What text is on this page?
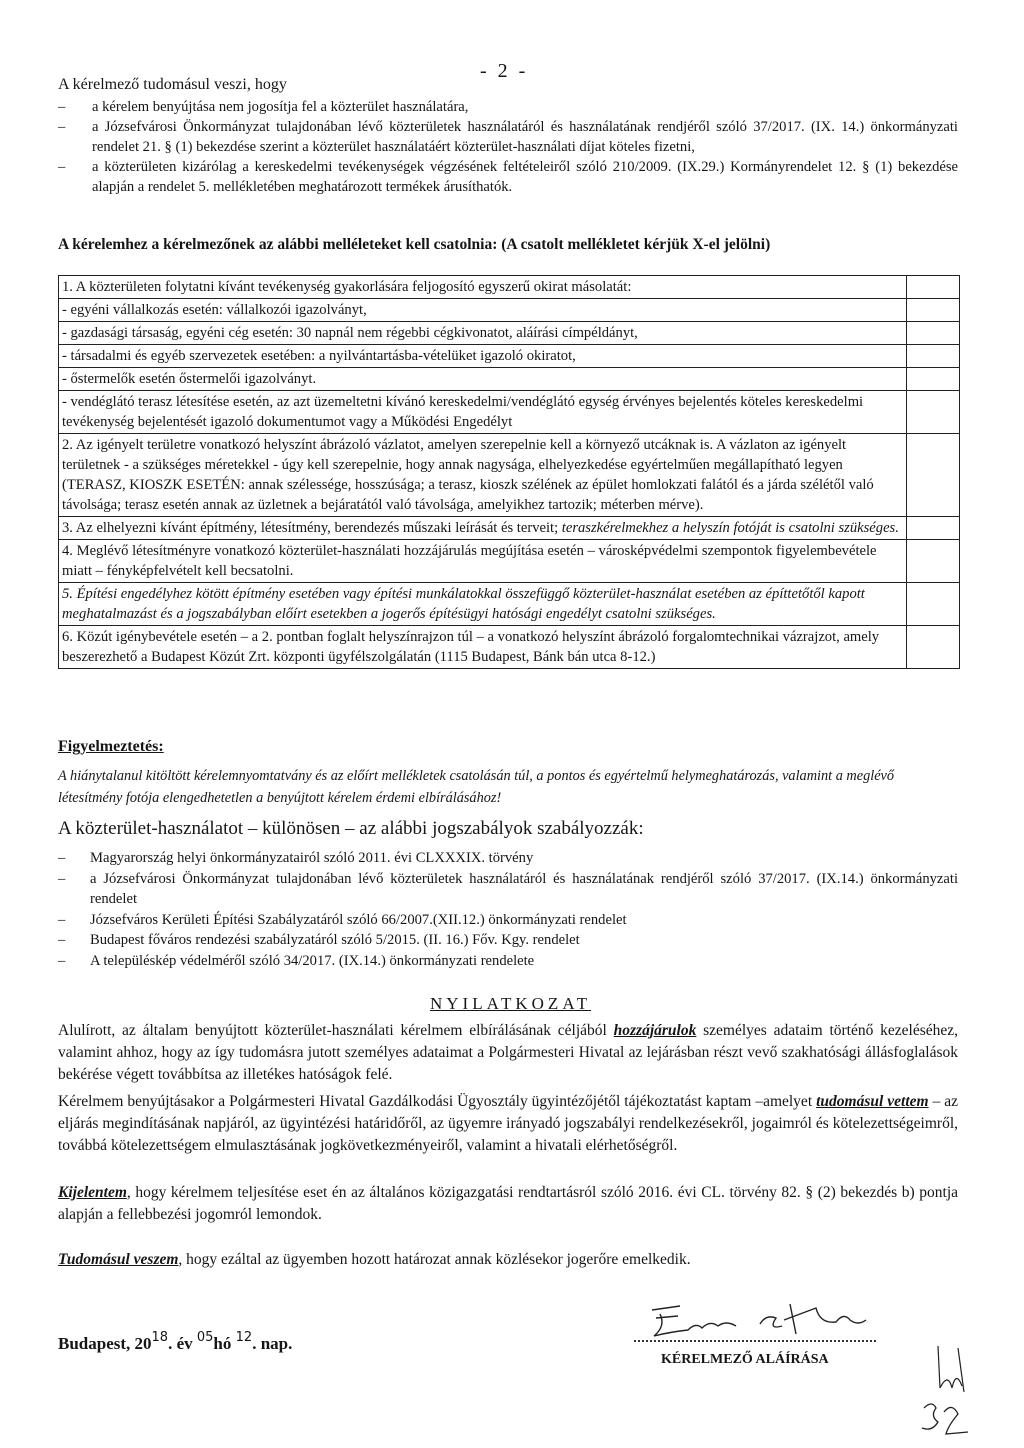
- 2 -
A kérelmező tudomásul veszi, hogy
–	a kérelem benyújtása nem jogosítja fel a közterület használatára,
–	a Józsefvárosi Önkormányzat tulajdonában lévő közterületek használatáról és használatának rendjéről szóló 37/2017. (IX. 14.) önkormányzati rendelet 21. § (1) bekezdése szerint a közterület használatáért közterület-használati díjat köteles fizetni,
–	a közterületen kizárólag a kereskedelmi tevékenységek végzésének feltételeiről szóló 210/2009. (IX.29.) Kormányrendelet 12. § (1) bekezdése alapján a rendelet 5. mellékletében meghatározott termékek árusíthatók.
A kérelemhez a kérelmezőnek az alábbi melléleteket kell csatolnia: (A csatolt mellékletet kérjük X-el jelölni)
1. A közterületen folytatni kívánt tevékenység gyakorlására feljogosító egyszerű okirat másolatát:	
- egyéni vállalkozás esetén: vállalkozói igazolványt,	
- gazdasági társaság, egyéni cég esetén: 30 napnál nem régebbi cégkivonatot, aláírási címpéldányt,	
- társadalmi és egyéb szervezetek esetében: a nyilvántartásba-vételüket igazoló okiratot,	
- őstermelők esetén őstermelői igazolványt.	
- vendéglátó terasz létesítése esetén, az azt üzemeltetni kívánó kereskedelmi/vendéglátó egység érvényes bejelentés köteles kereskedelmi tevékenység bejelentését igazoló dokumentumot vagy a Működési Engedélyt	
2. Az igényelt területre vonatkozó helyszínt ábrázoló vázlatot, amelyen szerepelnie kell a környező utcáknak is. A vázlaton az igényelt területnek - a szükséges méretekkel - úgy kell szerepelnie, hogy annak nagysága, elhelyezkedése egyértelműen megállapítható legyen (TERASZ, KIOSZK ESETÉN: annak szélessége, hosszúsága; a terasz, kioszk szélének az épület homlokzati falától és a járda szélétől való távolsága; terasz esetén annak az üzletnek a bejáratától való távolsága, amelyikhez tartozik; méterben mérve).	
3. Az elhelyezni kívánt építmény, létesítmény, berendezés műszaki leírását és terveit; teraszkérelmekhez a helyszín fotóját is csatolni szükséges.	
4. Meglévő létesítményre vonatkozó közterület-használati hozzájárulás megújítása esetén – városképvédelmi szempontok figyelembevétele miatt – fényképfelvételt kell becsatolni.	
5. Építési engedélyhez kötött építmény esetében vagy építési munkálatokkal összefüggő közterület-használat esetében az építtetőtől kapott meghatalmazást és a jogszabályban előírt esetekben a jogerős építésügyi hatósági engedélyt csatolni szükséges.	
6. Közút igénybevétele esetén – a 2. pontban foglalt helyszínrajzon túl – a vonatkozó helyszínt ábrázoló forgalomtechnikai vázrajzot, amely beszerezhető a Budapest Közút Zrt. központi ügyfélszolgálatán (1115 Budapest, Bánk bán utca 8-12.)	
Figyelmeztetés:
A hiánytalanul kitöltött kérelemnyomtatvány és az előírt mellékletek csatolásán túl, a pontos és egyértelmű helymeghatározás, valamint a meglévő létesítmény fotója elengedhetetlen a benyújtott kérelem érdemi elbírálásához!
A közterület-használatot – különösen – az alábbi jogszabályok szabályozzák:
–	Magyarország helyi önkormányzatairól szóló 2011. évi CLXXXIX. törvény
–	a Józsefvárosi Önkormányzat tulajdonában lévő közterületek használatáról és használatának rendjéről szóló 37/2017. (IX.14.) önkormányzati rendelet
–	Józsefváros Kerületi Építési Szabályzatáról szóló 66/2007.(XII.12.) önkormányzati rendelet
–	Budapest főváros rendezési szabályzatáról szóló 5/2015. (II. 16.) Főv. Kgy. rendelet
–	A településkép védelméről szóló 34/2017. (IX.14.) önkormányzati rendelete
NYILATKOZAT
Alulírott, az általam benyújtott közterület-használati kérelmem elbírálásának céljából hozzájárulok személyes adataim történő kezeléséhez, valamint ahhoz, hogy az így tudomásra jutott személyes adataimat a Polgármesteri Hivatal az lejárásban részt vevő szakhatósági állásfoglalások bekérése végett továbbítsa az illetékes hatóságok felé.
Kérelmem benyújtásakor a Polgármesteri Hivatal Gazdálkodási Ügyosztály ügyintézőjétől tájékoztatást kaptam –amelyet tudomásul vettem – az eljárás megindításának napjáról, az ügyintézési határidőről, az ügyemre irányadó jogszabályi rendelkezésekről, jogaimról és kötelezettségeimről, továbbá kötelezettségem elmulasztásának jogkövetkezményeiről, valamint a hivatali elérhetőségről.
Kijelentem, hogy kérelmem teljesítése eset én az általános közigazgatási rendtartásról szóló 2016. évi CL. törvény 82. § (2) bekezdés b) pontja alapján a fellebbezési jogomról lemondok.
Tudomásul veszem, hogy ezáltal az ügyemben hozott határozat annak közlésekor jogerőre emelkedik.
Budapest, $20^{18}$. év $^{05}$hó $^{12}$. nap.
KÉRELMEZŐ ALÁÍRÁSA
